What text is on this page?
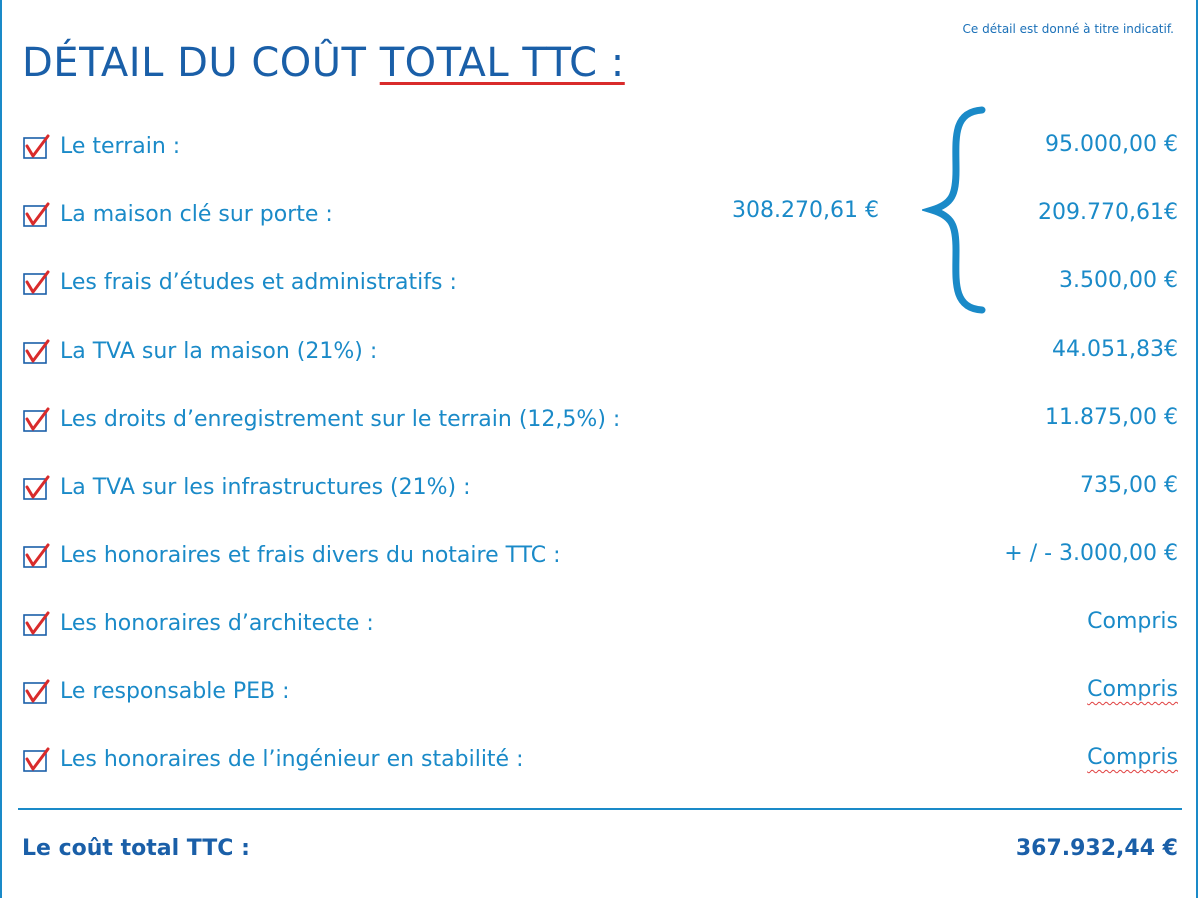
Ce détail est donné à titre indicatif.
DÉTAIL DU COÛT TOTAL TTC :
Le terrain :	95.000,00 €
La maison clé sur porte :	209.770,61€
Les frais d’études et administratifs :	3.500,00 €
La TVA sur la maison (21%) :	44.051,83€
Les droits d’enregistrement sur le terrain (12,5%) :	11.875,00 €
La TVA sur les infrastructures (21%) :	735,00 €
Les honoraires et frais divers du notaire TTC :	+ / - 3.000,00 €
Les honoraires d’architecte :	Compris
Le responsable PEB :	Compris
Les honoraires de l’ingénieur en stabilité :	Compris
308.270,61 €
Le coût total TTC :	367.932,44 €
